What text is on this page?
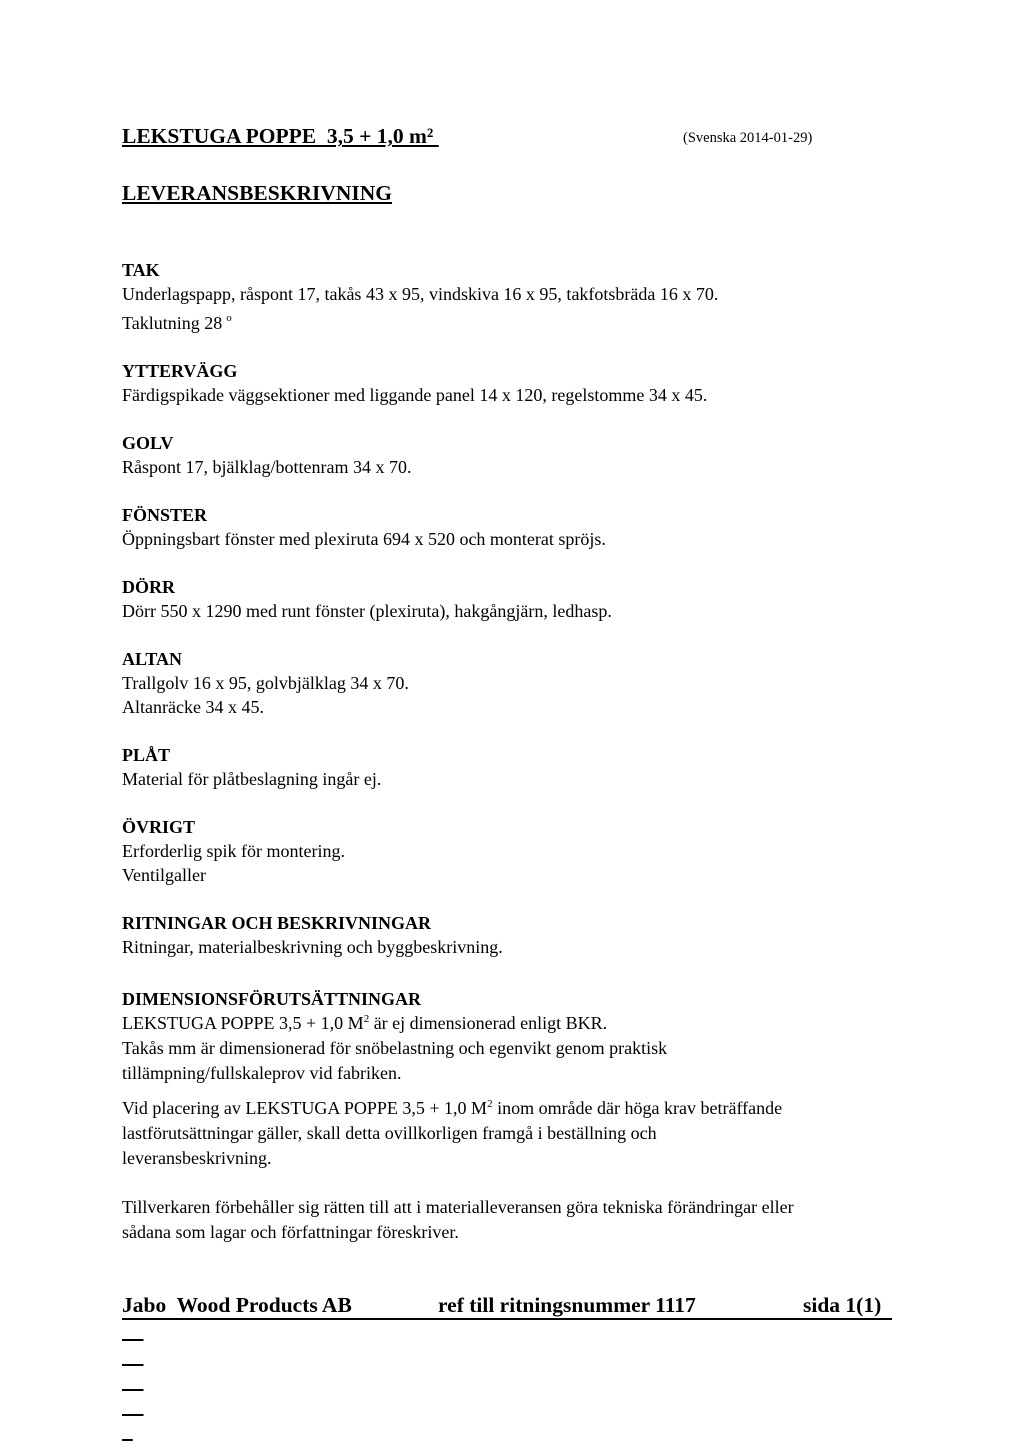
LEKSTUGA POPPE  3,5 + 1,0 m²	(Svenska 2014-01-29)
LEVERANSBESKRIVNING
TAK
Underlagspapp, råspont 17, takås 43 x 95, vindskiva 16 x 95, takfotsbräda 16 x 70.
Taklutning 28 $^o$
YTTERVÄGG
Färdigspikade väggsektioner med liggande panel 14 x 120, regelstomme 34 x 45.
GOLV
Råspont 17, bjälklag/bottenram 34 x 70.
FÖNSTER
Öppningsbart fönster med plexiruta 694 x 520 och monterat spröjs.
DÖRR
Dörr 550 x 1290 med runt fönster (plexiruta), hakgångjärn, ledhasp.
ALTAN
Trallgolv 16 x 95, golvbjälklag 34 x 70.
Altanräcke 34 x 45.
PLÅT
Material för plåtbeslagning ingår ej.
ÖVRIGT
Erforderlig spik för montering.
Ventilgaller
RITNINGAR OCH BESKRIVNINGAR
Ritningar, materialbeskrivning och byggbeskrivning.
DIMENSIONSFÖRUTSÄTTNINGAR

LEKSTUGA POPPE 3,5 + 1,0 $M^2$ är ej dimensionerad enligt BKR.
Takås mm är dimensionerad för snöbelastning och egenvikt genom praktisk
tillämpning/fullskaleprov vid fabriken.

Vid placering av LEKSTUGA POPPE 3,5 + 1,0 $M^2$ inom område där höga krav beträffande
lastförutsättningar gäller, skall detta ovillkorligen framgå i beställning och
leveransbeskrivning.

Tillverkaren förbehåller sig rätten till att i materialleveransen göra tekniska förändringar eller
sådana som lagar och författningar föreskriver.

Jabo  Wood Products AB

	ref till ritningsnummer 1117

	sida 1(1)
